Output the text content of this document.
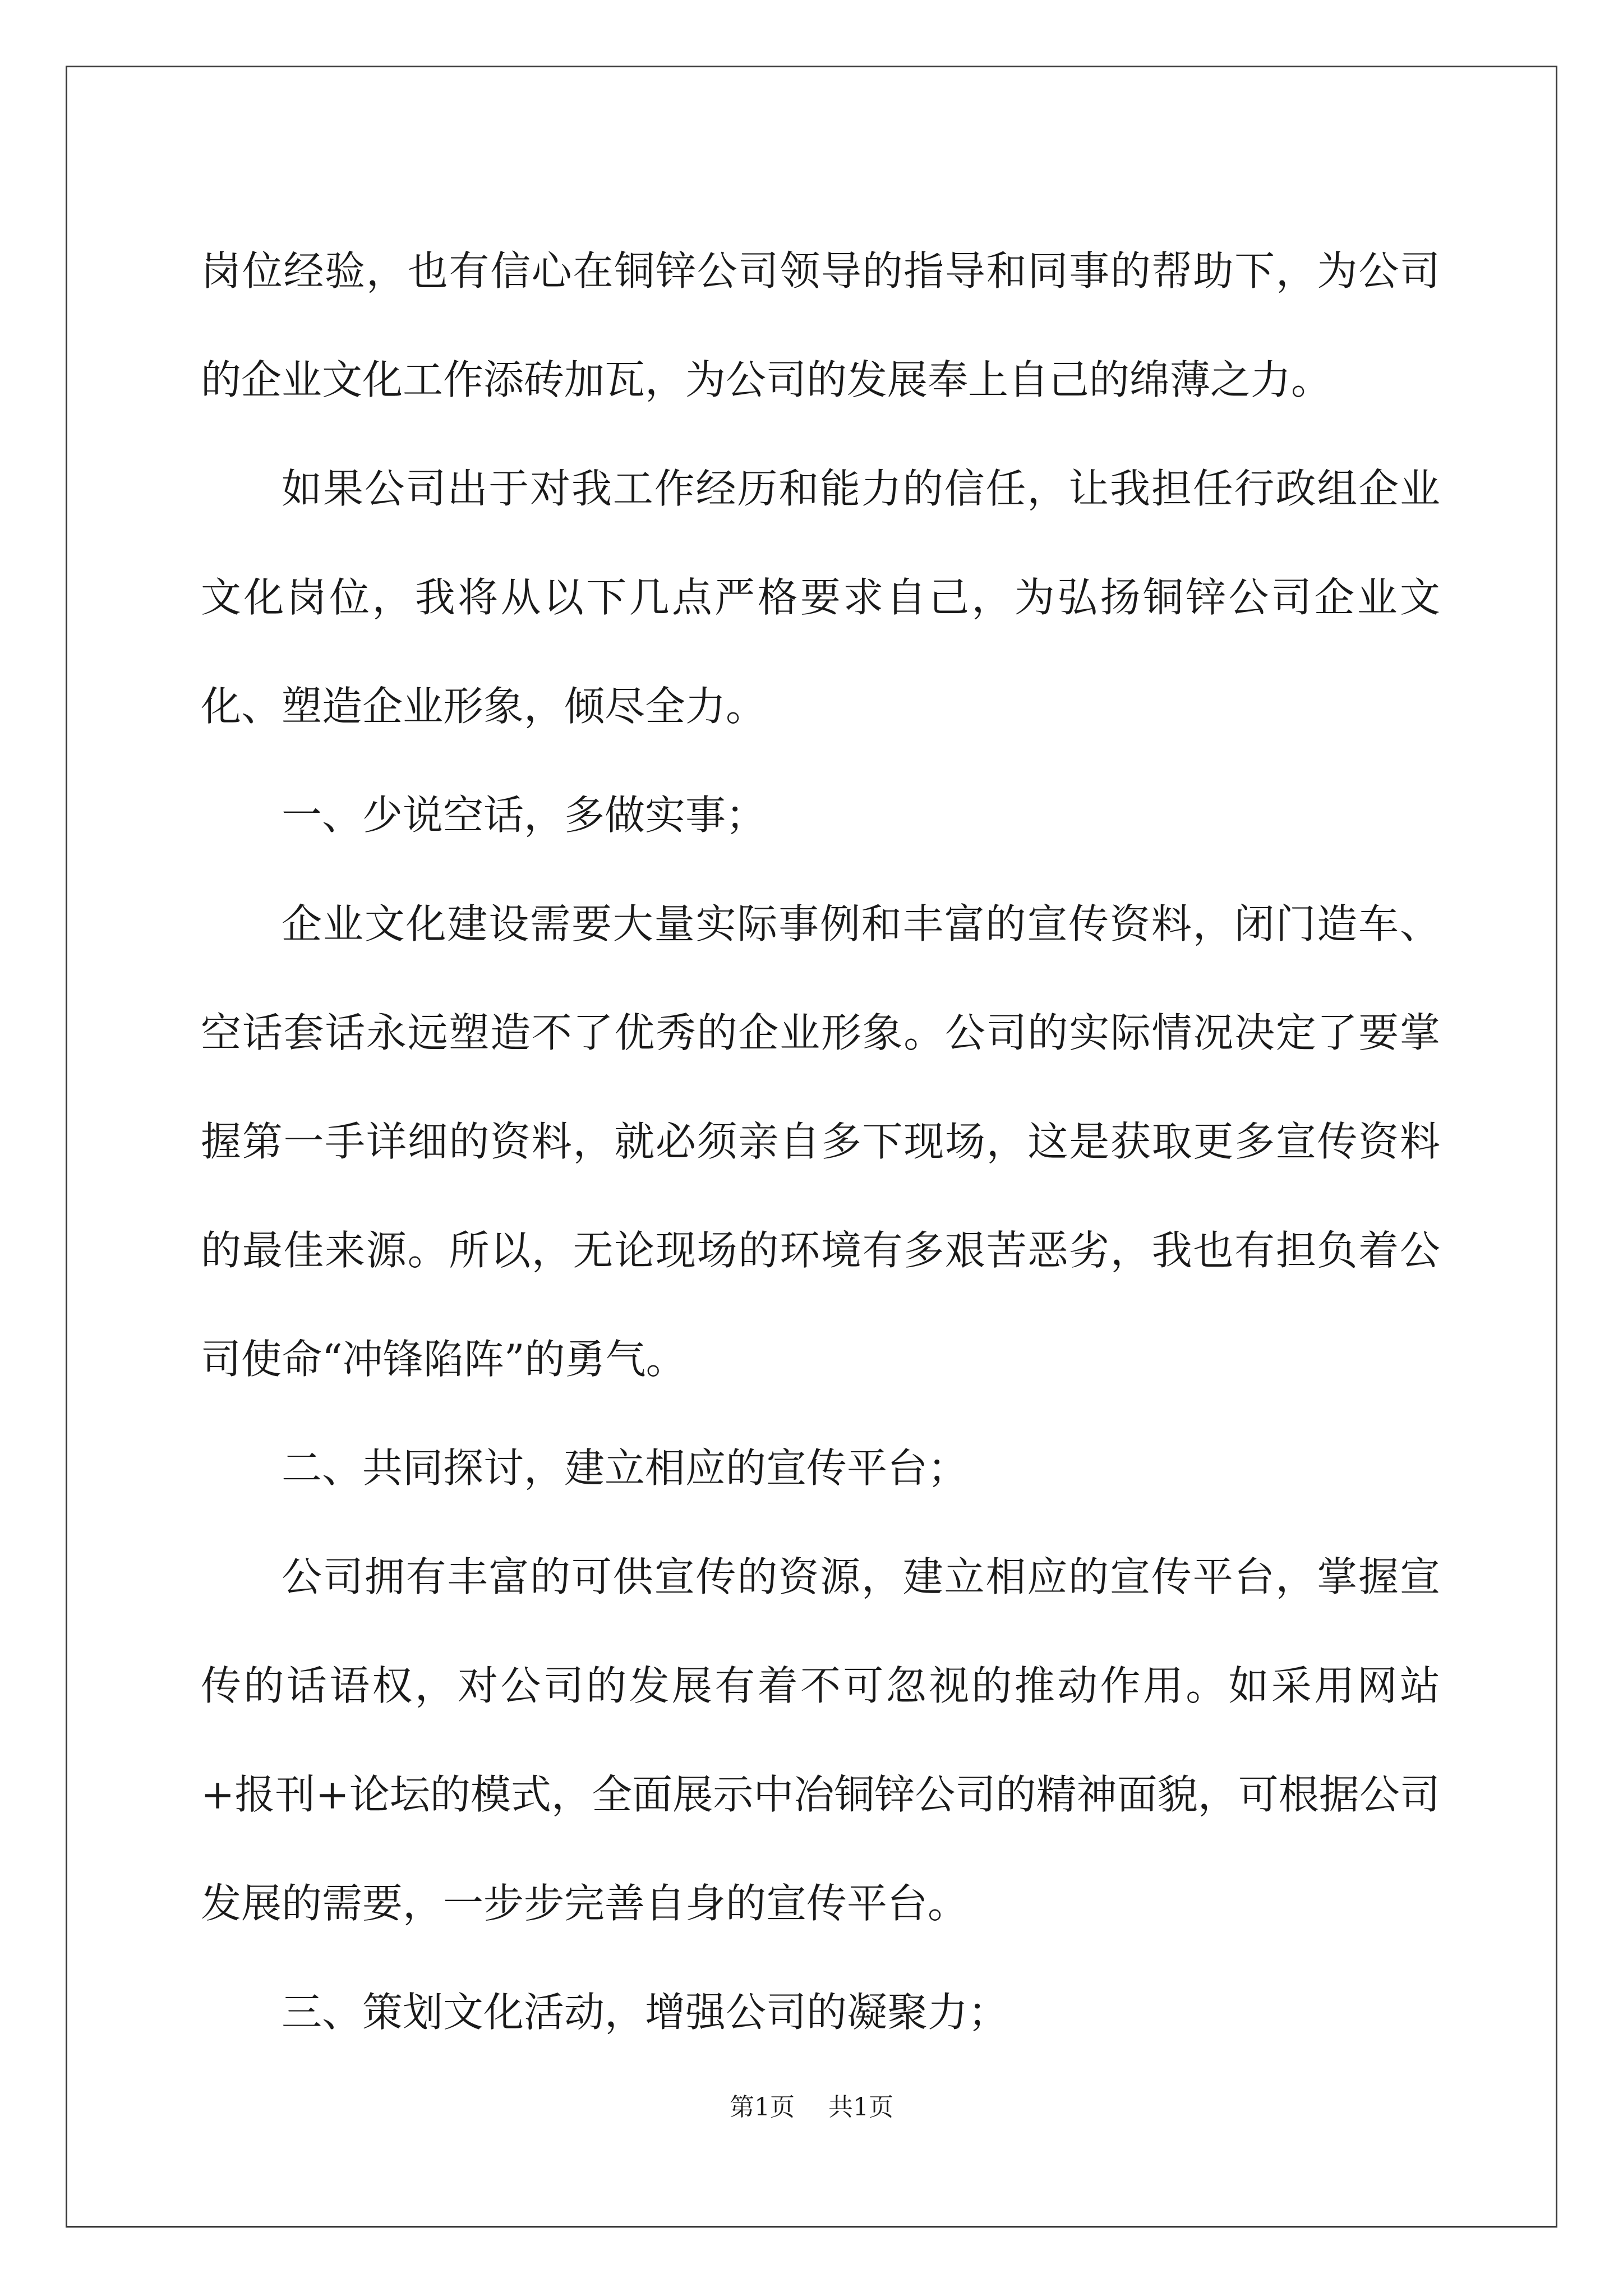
岗位经验，也有信心在铜锌公司领导的指导和同事的帮助下，为公司的企业文化工作添砖加瓦，为公司的发展奉上自己的绵薄之力。

如果公司出于对我工作经历和能力的信任，让我担任行政组企业文化岗位，我将从以下几点严格要求自己，为弘扬铜锌公司企业文化、塑造企业形象，倾尽全力。

一、少说空话，多做实事；

企业文化建设需要大量实际事例和丰富的宣传资料，闭门造车、空话套话永远塑造不了优秀的企业形象。公司的实际情况决定了要掌握第一手详细的资料，就必须亲自多下现场，这是获取更多宣传资料的最佳来源。所以，无论现场的环境有多艰苦恶劣，我也有担负着公司使命“冲锋陷阵”的勇气。

二、共同探讨，建立相应的宣传平台；

公司拥有丰富的可供宣传的资源，建立相应的宣传平台，掌握宣传的话语权，对公司的发展有着不可忽视的推动作用。如采用网站+报刊+论坛的模式，全面展示中冶铜锌公司的精神面貌，可根据公司发展的需要，一步步完善自身的宣传平台。

三、策划文化活动，增强公司的凝聚力；

第1页 共1页
